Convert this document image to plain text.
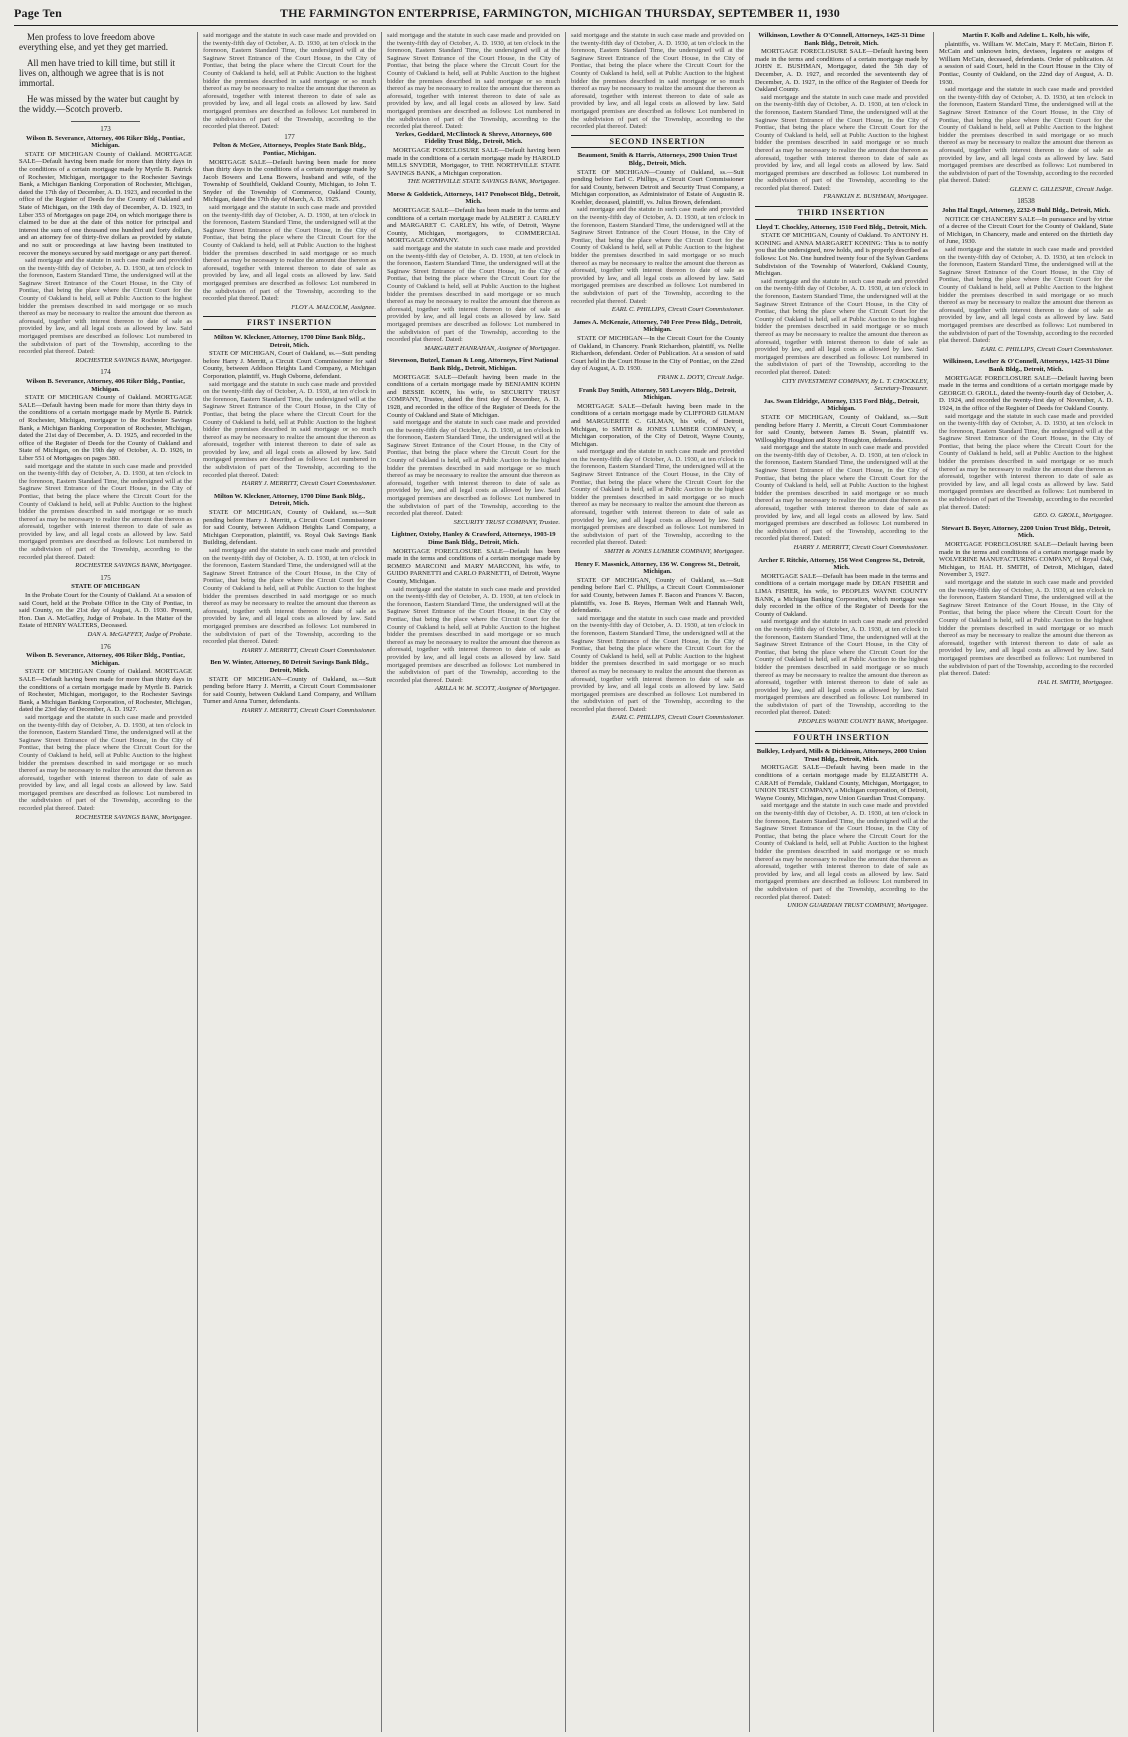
Page Ten	THE FARMINGTON ENTERPRISE, FARMINGTON, MICHIGAN THURSDAY, SEPTEMBER 11, 1930

Men profess to love freedom above everything else, and yet they get married.

All men have tried to kill time, but still it lives on, although we agree that is is not immortal.

He was missed by the water but caught by the widdy.—Scotch proverb.

173
Wilson B. Severance, Attorney, 406 Riker Bldg., Pontiac, Michigan.
STATE OF MICHIGAN County of Oakland. MORTGAGE SALE—Default having been made for more than thirty days in the conditions of a certain mortgage made by Myrtle B. Patrick of Rochester, Michigan, mortgagor to the Rochester Savings Bank, a Michigan Banking Corporation of Rochester, Michigan, dated the 17th day of December, A. D. 1923, and recorded in the office of the Register of Deeds for the County of Oakland and State of Michigan, on the 19th day of December, A. D. 1923, in Liber 353 of Mortgages on page 204, on which mortgage there is claimed to be due at the date of this notice for principal and interest the sum of one thousand one hundred and forty dollars, and an attorney fee of thirty-five dollars as provided by statute and no suit or proceedings at law having been instituted to recover the moneys secured by said mortgage or any part thereof.
said mortgage and the statute in such case made and provided on the twenty-fifth day of October, A. D. 1930, at ten o'clock in the forenoon, Eastern Standard Time, the undersigned will at the Saginaw Street Entrance of the Court House, in the City of Pontiac, that being the place where the Circuit Court for the County of Oakland is held, sell at Public Auction to the highest bidder the premises described in said mortgage or so much thereof as may be necessary to realize the amount due thereon as aforesaid, together with interest thereon to date of sale as provided by law, and all legal costs as allowed by law. Said mortgaged premises are described as follows: Lot numbered in the subdivision of part of the Township, according to the recorded plat thereof. Dated:
ROCHESTER SAVINGS BANK, Mortgagee.
174
Wilson B. Severance, Attorney, 406 Riker Bldg., Pontiac, Michigan.
STATE OF MICHIGAN County of Oakland. MORTGAGE SALE—Default having been made for more than thirty days in the conditions of a certain mortgage made by Myrtle B. Patrick of Rochester, Michigan, mortgagor to the Rochester Savings Bank, a Michigan Banking Corporation of Rochester, Michigan, dated the 21st day of December, A. D. 1925, and recorded in the office of the Register of Deeds for the County of Oakland and State of Michigan, on the 19th day of October, A. D. 1926, in Liber 551 of Mortgages on pages 380.
said mortgage and the statute in such case made and provided on the twenty-fifth day of October, A. D. 1930, at ten o'clock in the forenoon, Eastern Standard Time, the undersigned will at the Saginaw Street Entrance of the Court House, in the City of Pontiac, that being the place where the Circuit Court for the County of Oakland is held, sell at Public Auction to the highest bidder the premises described in said mortgage or so much thereof as may be necessary to realize the amount due thereon as aforesaid, together with interest thereon to date of sale as provided by law, and all legal costs as allowed by law. Said mortgaged premises are described as follows: Lot numbered in the subdivision of part of the Township, according to the recorded plat thereof. Dated:
ROCHESTER SAVINGS BANK, Mortgagee.
175
STATE OF MICHIGAN
In the Probate Court for the County of Oakland. At a session of said Court, held at the Probate Office in the City of Pontiac, in said County, on the 21st day of August, A. D. 1930. Present, Hon. Dan A. McGaffey, Judge of Probate. In the Matter of the Estate of HENRY WALTERS, Deceased.
DAN A. McGAFFEY, Judge of Probate.
176
Wilson B. Severance, Attorney, 406 Riker Bldg., Pontiac, Michigan.
STATE OF MICHIGAN County of Oakland. MORTGAGE SALE—Default having been made for more than thirty days in the conditions of a certain mortgage made by Myrtle B. Patrick of Rochester, Michigan, mortgagor, to the Rochester Savings Bank, a Michigan Banking Corporation, of Rochester, Michigan, dated the 23rd day of December, A. D. 1927.
said mortgage and the statute in such case made and provided on the twenty-fifth day of October, A. D. 1930, at ten o'clock in the forenoon, Eastern Standard Time, the undersigned will at the Saginaw Street Entrance of the Court House, in the City of Pontiac, that being the place where the Circuit Court for the County of Oakland is held, sell at Public Auction to the highest bidder the premises described in said mortgage or so much thereof as may be necessary to realize the amount due thereon as aforesaid, together with interest thereon to date of sale as provided by law, and all legal costs as allowed by law. Said mortgaged premises are described as follows: Lot numbered in the subdivision of part of the Township, according to the recorded plat thereof. Dated:
ROCHESTER SAVINGS BANK, Mortgagee.
said mortgage and the statute in such case made and provided on the twenty-fifth day of October, A. D. 1930, at ten o'clock in the forenoon, Eastern Standard Time, the undersigned will at the Saginaw Street Entrance of the Court House, in the City of Pontiac, that being the place where the Circuit Court for the County of Oakland is held, sell at Public Auction to the highest bidder the premises described in said mortgage or so much thereof as may be necessary to realize the amount due thereon as aforesaid, together with interest thereon to date of sale as provided by law, and all legal costs as allowed by law. Said mortgaged premises are described as follows: Lot numbered in the subdivision of part of the Township, according to the recorded plat thereof. Dated:
177
Pelton & McGee, Attorneys, Peoples State Bank Bldg., Pontiac, Michigan.
MORTGAGE SALE—Default having been made for more than thirty days in the conditions of a certain mortgage made by Jacob Bowers and Lena Bowers, husband and wife, of the Township of Southfield, Oakland County, Michigan, to John T. Snyder of the Township of Commerce, Oakland County, Michigan, dated the 17th day of March, A. D. 1925.
said mortgage and the statute in such case made and provided on the twenty-fifth day of October, A. D. 1930, at ten o'clock in the forenoon, Eastern Standard Time, the undersigned will at the Saginaw Street Entrance of the Court House, in the City of Pontiac, that being the place where the Circuit Court for the County of Oakland is held, sell at Public Auction to the highest bidder the premises described in said mortgage or so much thereof as may be necessary to realize the amount due thereon as aforesaid, together with interest thereon to date of sale as provided by law, and all legal costs as allowed by law. Said mortgaged premises are described as follows: Lot numbered in the subdivision of part of the Township, according to the recorded plat thereof. Dated:
FLOY A. MALCOLM, Assignee.
FIRST INSERTION
Milton W. Kleckner, Attorney, 1700 Dime Bank Bldg., Detroit, Mich.
STATE OF MICHIGAN, Court of Oakland, ss.—Suit pending before Harry J. Merritt, a Circuit Court Commissioner for said County, between Addison Heights Land Company, a Michigan Corporation, plaintiff, vs. Hugh Osborne, defendant.
said mortgage and the statute in such case made and provided on the twenty-fifth day of October, A. D. 1930, at ten o'clock in the forenoon, Eastern Standard Time, the undersigned will at the Saginaw Street Entrance of the Court House, in the City of Pontiac, that being the place where the Circuit Court for the County of Oakland is held, sell at Public Auction to the highest bidder the premises described in said mortgage or so much thereof as may be necessary to realize the amount due thereon as aforesaid, together with interest thereon to date of sale as provided by law, and all legal costs as allowed by law. Said mortgaged premises are described as follows: Lot numbered in the subdivision of part of the Township, according to the recorded plat thereof. Dated:
HARRY J. MERRITT, Circuit Court Commissioner.
Milton W. Kleckner, Attorney, 1700 Dime Bank Bldg., Detroit, Mich.
STATE OF MICHIGAN, County of Oakland, ss.—Suit pending before Harry J. Merritt, a Circuit Court Commissioner for said County, between Addison Heights Land Company, a Michigan Corporation, plaintiff, vs. Royal Oak Savings Bank Building, defendant.
said mortgage and the statute in such case made and provided on the twenty-fifth day of October, A. D. 1930, at ten o'clock in the forenoon, Eastern Standard Time, the undersigned will at the Saginaw Street Entrance of the Court House, in the City of Pontiac, that being the place where the Circuit Court for the County of Oakland is held, sell at Public Auction to the highest bidder the premises described in said mortgage or so much thereof as may be necessary to realize the amount due thereon as aforesaid, together with interest thereon to date of sale as provided by law, and all legal costs as allowed by law. Said mortgaged premises are described as follows: Lot numbered in the subdivision of part of the Township, according to the recorded plat thereof. Dated:
HARRY J. MERRITT, Circuit Court Commissioner.
Ben W. Winter, Attorney, 80 Detroit Savings Bank Bldg., Detroit, Mich.
STATE OF MICHIGAN—County of Oakland, ss.—Suit pending before Harry J. Merritt, a Circuit Court Commissioner for said County, between Oakland Land Company, and William Turner and Anna Turner, defendants.
HARRY J. MERRITT, Circuit Court Commissioner.
said mortgage and the statute in such case made and provided on the twenty-fifth day of October, A. D. 1930, at ten o'clock in the forenoon, Eastern Standard Time, the undersigned will at the Saginaw Street Entrance of the Court House, in the City of Pontiac, that being the place where the Circuit Court for the County of Oakland is held, sell at Public Auction to the highest bidder the premises described in said mortgage or so much thereof as may be necessary to realize the amount due thereon as aforesaid, together with interest thereon to date of sale as provided by law, and all legal costs as allowed by law. Said mortgaged premises are described as follows: Lot numbered in the subdivision of part of the Township, according to the recorded plat thereof. Dated:
Yerkes, Goddard, McClintock & Shreve, Attorneys, 600 Fidelity Trust Bldg., Detroit, Mich.
MORTGAGE FORECLOSURE SALE—Default having been made in the conditions of a certain mortgage made by HAROLD MILLS SNYDER, Mortgagor, to THE NORTHVILLE STATE SAVINGS BANK, a Michigan corporation.
THE NORTHVILLE STATE SAVINGS BANK, Mortgagee.
Morse & Goldstick, Attorneys, 1417 Penobscot Bldg., Detroit, Mich.
MORTGAGE SALE—Default has been made in the terms and conditions of a certain mortgage made by ALBERT J. CARLEY and MARGARET C. CARLEY, his wife, of Detroit, Wayne County, Michigan, mortgagors, to COMMERCIAL MORTGAGE COMPANY.
said mortgage and the statute in such case made and provided on the twenty-fifth day of October, A. D. 1930, at ten o'clock in the forenoon, Eastern Standard Time, the undersigned will at the Saginaw Street Entrance of the Court House, in the City of Pontiac, that being the place where the Circuit Court for the County of Oakland is held, sell at Public Auction to the highest bidder the premises described in said mortgage or so much thereof as may be necessary to realize the amount due thereon as aforesaid, together with interest thereon to date of sale as provided by law, and all legal costs as allowed by law. Said mortgaged premises are described as follows: Lot numbered in the subdivision of part of the Township, according to the recorded plat thereof. Dated:
MARGARET HANRAHAN, Assignee of Mortgagee.
Stevenson, Butzel, Eaman & Long, Attorneys, First National Bank Bldg., Detroit, Michigan.
MORTGAGE SALE—Default having been made in the conditions of a certain mortgage made by BENJAMIN KOHN and BESSIE KOHN, his wife, to SECURITY TRUST COMPANY, Trustee, dated the first day of December, A. D. 1928, and recorded in the office of the Register of Deeds for the County of Oakland and State of Michigan.
said mortgage and the statute in such case made and provided on the twenty-fifth day of October, A. D. 1930, at ten o'clock in the forenoon, Eastern Standard Time, the undersigned will at the Saginaw Street Entrance of the Court House, in the City of Pontiac, that being the place where the Circuit Court for the County of Oakland is held, sell at Public Auction to the highest bidder the premises described in said mortgage or so much thereof as may be necessary to realize the amount due thereon as aforesaid, together with interest thereon to date of sale as provided by law, and all legal costs as allowed by law. Said mortgaged premises are described as follows: Lot numbered in the subdivision of part of the Township, according to the recorded plat thereof. Dated:
SECURITY TRUST COMPANY, Trustee.
Lightner, Oxtoby, Hanley & Crawford, Attorneys, 1903-19 Dime Bank Bldg., Detroit, Mich.
MORTGAGE FORECLOSURE SALE—Default has been made in the terms and conditions of a certain mortgage made by ROMEO MARCONI and MARY MARCONI, his wife, to GUIDO PARNETTI and CARLO PARNETTI, of Detroit, Wayne County, Michigan.
said mortgage and the statute in such case made and provided on the twenty-fifth day of October, A. D. 1930, at ten o'clock in the forenoon, Eastern Standard Time, the undersigned will at the Saginaw Street Entrance of the Court House, in the City of Pontiac, that being the place where the Circuit Court for the County of Oakland is held, sell at Public Auction to the highest bidder the premises described in said mortgage or so much thereof as may be necessary to realize the amount due thereon as aforesaid, together with interest thereon to date of sale as provided by law, and all legal costs as allowed by law. Said mortgaged premises are described as follows: Lot numbered in the subdivision of part of the Township, according to the recorded plat thereof. Dated:
ARILLA W. M. SCOTT, Assignee of Mortgagee.
said mortgage and the statute in such case made and provided on the twenty-fifth day of October, A. D. 1930, at ten o'clock in the forenoon, Eastern Standard Time, the undersigned will at the Saginaw Street Entrance of the Court House, in the City of Pontiac, that being the place where the Circuit Court for the County of Oakland is held, sell at Public Auction to the highest bidder the premises described in said mortgage or so much thereof as may be necessary to realize the amount due thereon as aforesaid, together with interest thereon to date of sale as provided by law, and all legal costs as allowed by law. Said mortgaged premises are described as follows: Lot numbered in the subdivision of part of the Township, according to the recorded plat thereof. Dated:
SECOND INSERTION
Beaumont, Smith & Harris, Attorneys, 2900 Union Trust Bldg., Detroit, Mich.
STATE OF MICHIGAN—County of Oakland, ss.—Suit pending before Earl C. Phillips, a Circuit Court Commissioner for said County, between Detroit and Security Trust Company, a Michigan corporation, as Administrator of Estate of Augustin R. Koehler, deceased, plaintiff, vs. Julius Brown, defendant.
said mortgage and the statute in such case made and provided on the twenty-fifth day of October, A. D. 1930, at ten o'clock in the forenoon, Eastern Standard Time, the undersigned will at the Saginaw Street Entrance of the Court House, in the City of Pontiac, that being the place where the Circuit Court for the County of Oakland is held, sell at Public Auction to the highest bidder the premises described in said mortgage or so much thereof as may be necessary to realize the amount due thereon as aforesaid, together with interest thereon to date of sale as provided by law, and all legal costs as allowed by law. Said mortgaged premises are described as follows: Lot numbered in the subdivision of part of the Township, according to the recorded plat thereof. Dated:
EARL C. PHILLIPS, Circuit Court Commissioner.
James A. McKenzie, Attorney, 740 Free Press Bldg., Detroit, Michigan.
STATE OF MICHIGAN—In the Circuit Court for the County of Oakland, in Chancery. Frank Richardson, plaintiff, vs. Nellie Richardson, defendant. Order of Publication. At a session of said Court held in the Court House in the City of Pontiac, on the 22nd day of August, A. D. 1930.
FRANK L. DOTY, Circuit Judge.
Frank Day Smith, Attorney, 503 Lawyers Bldg., Detroit, Michigan.
MORTGAGE SALE—Default having been made in the conditions of a certain mortgage made by CLIFFORD GILMAN and MARGUERITE C. GILMAN, his wife, of Detroit, Michigan, to SMITH & JONES LUMBER COMPANY, a Michigan corporation, of the City of Detroit, Wayne County, Michigan.
said mortgage and the statute in such case made and provided on the twenty-fifth day of October, A. D. 1930, at ten o'clock in the forenoon, Eastern Standard Time, the undersigned will at the Saginaw Street Entrance of the Court House, in the City of Pontiac, that being the place where the Circuit Court for the County of Oakland is held, sell at Public Auction to the highest bidder the premises described in said mortgage or so much thereof as may be necessary to realize the amount due thereon as aforesaid, together with interest thereon to date of sale as provided by law, and all legal costs as allowed by law. Said mortgaged premises are described as follows: Lot numbered in the subdivision of part of the Township, according to the recorded plat thereof. Dated:
SMITH & JONES LUMBER COMPANY, Mortgagee.
Henry F. Massnick, Attorney, 136 W. Congress St., Detroit, Michigan.
STATE OF MICHIGAN, County of Oakland, ss.—Suit pending before Earl C. Phillips, a Circuit Court Commissioner for said County, between James F. Bacon and Frances V. Bacon, plaintiffs, vs. Jose B. Reyes, Herman Welt and Hannah Welt, defendants.
said mortgage and the statute in such case made and provided on the twenty-fifth day of October, A. D. 1930, at ten o'clock in the forenoon, Eastern Standard Time, the undersigned will at the Saginaw Street Entrance of the Court House, in the City of Pontiac, that being the place where the Circuit Court for the County of Oakland is held, sell at Public Auction to the highest bidder the premises described in said mortgage or so much thereof as may be necessary to realize the amount due thereon as aforesaid, together with interest thereon to date of sale as provided by law, and all legal costs as allowed by law. Said mortgaged premises are described as follows: Lot numbered in the subdivision of part of the Township, according to the recorded plat thereof. Dated:
EARL C. PHILLIPS, Circuit Court Commissioner.
Wilkinson, Lowther & O'Connell, Attorneys, 1425-31 Dime Bank Bldg., Detroit, Mich.
MORTGAGE FORECLOSURE SALE—Default having been made in the terms and conditions of a certain mortgage made by JOHN E. BUSHMAN, Mortgagor, dated the 5th day of December, A. D. 1927, and recorded the seventeenth day of December, A. D. 1927, in the office of the Register of Deeds for Oakland County.
said mortgage and the statute in such case made and provided on the twenty-fifth day of October, A. D. 1930, at ten o'clock in the forenoon, Eastern Standard Time, the undersigned will at the Saginaw Street Entrance of the Court House, in the City of Pontiac, that being the place where the Circuit Court for the County of Oakland is held, sell at Public Auction to the highest bidder the premises described in said mortgage or so much thereof as may be necessary to realize the amount due thereon as aforesaid, together with interest thereon to date of sale as provided by law, and all legal costs as allowed by law. Said mortgaged premises are described as follows: Lot numbered in the subdivision of part of the Township, according to the recorded plat thereof. Dated:
FRANKLIN E. BUSHMAN, Mortgagee.
THIRD INSERTION
Lloyd T. Chockley, Attorney, 1510 Ford Bldg., Detroit, Mich.
STATE OF MICHIGAN, County of Oakland. To ANTONY H. KONING and ANNA MARGARET KONING: This is to notify you that the undersigned, now holds, and is properly described as follows: Lot No. One hundred twenty four of the Sylvan Gardens Subdivision of the Township of Waterford, Oakland County, Michigan.
said mortgage and the statute in such case made and provided on the twenty-fifth day of October, A. D. 1930, at ten o'clock in the forenoon, Eastern Standard Time, the undersigned will at the Saginaw Street Entrance of the Court House, in the City of Pontiac, that being the place where the Circuit Court for the County of Oakland is held, sell at Public Auction to the highest bidder the premises described in said mortgage or so much thereof as may be necessary to realize the amount due thereon as aforesaid, together with interest thereon to date of sale as provided by law, and all legal costs as allowed by law. Said mortgaged premises are described as follows: Lot numbered in the subdivision of part of the Township, according to the recorded plat thereof. Dated:
CITY INVESTMENT COMPANY, By L. T. CHOCKLEY, Secretary-Treasurer.
Jas. Swan Eldridge, Attorney, 1315 Ford Bldg., Detroit, Michigan.
STATE OF MICHIGAN, County of Oakland, ss.—Suit pending before Harry J. Merritt, a Circuit Court Commissioner for said County, between James B. Swan, plaintiff vs. Willoughby Houghton and Roxy Houghton, defendants.
said mortgage and the statute in such case made and provided on the twenty-fifth day of October, A. D. 1930, at ten o'clock in the forenoon, Eastern Standard Time, the undersigned will at the Saginaw Street Entrance of the Court House, in the City of Pontiac, that being the place where the Circuit Court for the County of Oakland is held, sell at Public Auction to the highest bidder the premises described in said mortgage or so much thereof as may be necessary to realize the amount due thereon as aforesaid, together with interest thereon to date of sale as provided by law, and all legal costs as allowed by law. Said mortgaged premises are described as follows: Lot numbered in the subdivision of part of the Township, according to the recorded plat thereof. Dated:
HARRY J. MERRITT, Circuit Court Commissioner.
Archer F. Ritchie, Attorney, 156 West Congress St., Detroit, Mich.
MORTGAGE SALE—Default has been made in the terms and conditions of a certain mortgage made by DEAN FISHER and LIMA FISHER, his wife, to PEOPLES WAYNE COUNTY BANK, a Michigan Banking Corporation, which mortgage was duly recorded in the office of the Register of Deeds for the County of Oakland.
said mortgage and the statute in such case made and provided on the twenty-fifth day of October, A. D. 1930, at ten o'clock in the forenoon, Eastern Standard Time, the undersigned will at the Saginaw Street Entrance of the Court House, in the City of Pontiac, that being the place where the Circuit Court for the County of Oakland is held, sell at Public Auction to the highest bidder the premises described in said mortgage or so much thereof as may be necessary to realize the amount due thereon as aforesaid, together with interest thereon to date of sale as provided by law, and all legal costs as allowed by law. Said mortgaged premises are described as follows: Lot numbered in the subdivision of part of the Township, according to the recorded plat thereof. Dated:
PEOPLES WAYNE COUNTY BANK, Mortgagee.
FOURTH INSERTION
Bulkley, Ledyard, Mills & Dickinson, Attorneys, 2000 Union Trust Bldg., Detroit, Mich.
MORTGAGE SALE—Default having been made in the conditions of a certain mortgage made by ELIZABETH A. CARAH of Ferndale, Oakland County, Michigan, Mortgagor, to UNION TRUST COMPANY, a Michigan corporation, of Detroit, Wayne County, Michigan, now Union Guardian Trust Company.
said mortgage and the statute in such case made and provided on the twenty-fifth day of October, A. D. 1930, at ten o'clock in the forenoon, Eastern Standard Time, the undersigned will at the Saginaw Street Entrance of the Court House, in the City of Pontiac, that being the place where the Circuit Court for the County of Oakland is held, sell at Public Auction to the highest bidder the premises described in said mortgage or so much thereof as may be necessary to realize the amount due thereon as aforesaid, together with interest thereon to date of sale as provided by law, and all legal costs as allowed by law. Said mortgaged premises are described as follows: Lot numbered in the subdivision of part of the Township, according to the recorded plat thereof. Dated:
UNION GUARDIAN TRUST COMPANY, Mortgagee.
Martin F. Kolb and Adeline L. Kolb, his wife,
plaintiffs, vs. William W. McCain, Mary F. McCain, Birton F. McCain and unknown heirs, devisees, legatees or assigns of William McCain, deceased, defendants. Order of publication. At a session of said Court, held in the Court House in the City of Pontiac, County of Oakland, on the 22nd day of August, A. D. 1930.
said mortgage and the statute in such case made and provided on the twenty-fifth day of October, A. D. 1930, at ten o'clock in the forenoon, Eastern Standard Time, the undersigned will at the Saginaw Street Entrance of the Court House, in the City of Pontiac, that being the place where the Circuit Court for the County of Oakland is held, sell at Public Auction to the highest bidder the premises described in said mortgage or so much thereof as may be necessary to realize the amount due thereon as aforesaid, together with interest thereon to date of sale as provided by law, and all legal costs as allowed by law. Said mortgaged premises are described as follows: Lot numbered in the subdivision of part of the Township, according to the recorded plat thereof. Dated:
GLENN C. GILLESPIE, Circuit Judge.
18538
John Hal Engel, Attorney, 2232-9 Buhl Bldg., Detroit, Mich.
NOTICE OF CHANCERY SALE—In pursuance and by virtue of a decree of the Circuit Court for the County of Oakland, State of Michigan, in Chancery, made and entered on the thirtieth day of June, 1930.
said mortgage and the statute in such case made and provided on the twenty-fifth day of October, A. D. 1930, at ten o'clock in the forenoon, Eastern Standard Time, the undersigned will at the Saginaw Street Entrance of the Court House, in the City of Pontiac, that being the place where the Circuit Court for the County of Oakland is held, sell at Public Auction to the highest bidder the premises described in said mortgage or so much thereof as may be necessary to realize the amount due thereon as aforesaid, together with interest thereon to date of sale as provided by law, and all legal costs as allowed by law. Said mortgaged premises are described as follows: Lot numbered in the subdivision of part of the Township, according to the recorded plat thereof. Dated:
EARL C. PHILLIPS, Circuit Court Commissioner.
Wilkinson, Lowther & O'Connell, Attorneys, 1425-31 Dime Bank Bldg., Detroit, Mich.
MORTGAGE FORECLOSURE SALE—Default having been made in the terms and conditions of a certain mortgage made by GEORGE O. GROLL, dated the twenty-fourth day of October, A. D. 1924, and recorded the twenty-first day of November, A. D. 1924, in the office of the Register of Deeds for Oakland County.
said mortgage and the statute in such case made and provided on the twenty-fifth day of October, A. D. 1930, at ten o'clock in the forenoon, Eastern Standard Time, the undersigned will at the Saginaw Street Entrance of the Court House, in the City of Pontiac, that being the place where the Circuit Court for the County of Oakland is held, sell at Public Auction to the highest bidder the premises described in said mortgage or so much thereof as may be necessary to realize the amount due thereon as aforesaid, together with interest thereon to date of sale as provided by law, and all legal costs as allowed by law. Said mortgaged premises are described as follows: Lot numbered in the subdivision of part of the Township, according to the recorded plat thereof. Dated:
GEO. O. GROLL, Mortgagee.
Stewart B. Boyer, Attorney, 2200 Union Trust Bldg., Detroit, Mich.
MORTGAGE FORECLOSURE SALE—Default having been made in the terms and conditions of a certain mortgage made by WOLVERINE MANUFACTURING COMPANY, of Royal Oak, Michigan, to HAL H. SMITH, of Detroit, Michigan, dated November 3, 1927.
said mortgage and the statute in such case made and provided on the twenty-fifth day of October, A. D. 1930, at ten o'clock in the forenoon, Eastern Standard Time, the undersigned will at the Saginaw Street Entrance of the Court House, in the City of Pontiac, that being the place where the Circuit Court for the County of Oakland is held, sell at Public Auction to the highest bidder the premises described in said mortgage or so much thereof as may be necessary to realize the amount due thereon as aforesaid, together with interest thereon to date of sale as provided by law, and all legal costs as allowed by law. Said mortgaged premises are described as follows: Lot numbered in the subdivision of part of the Township, according to the recorded plat thereof. Dated:
HAL H. SMITH, Mortgagee.
